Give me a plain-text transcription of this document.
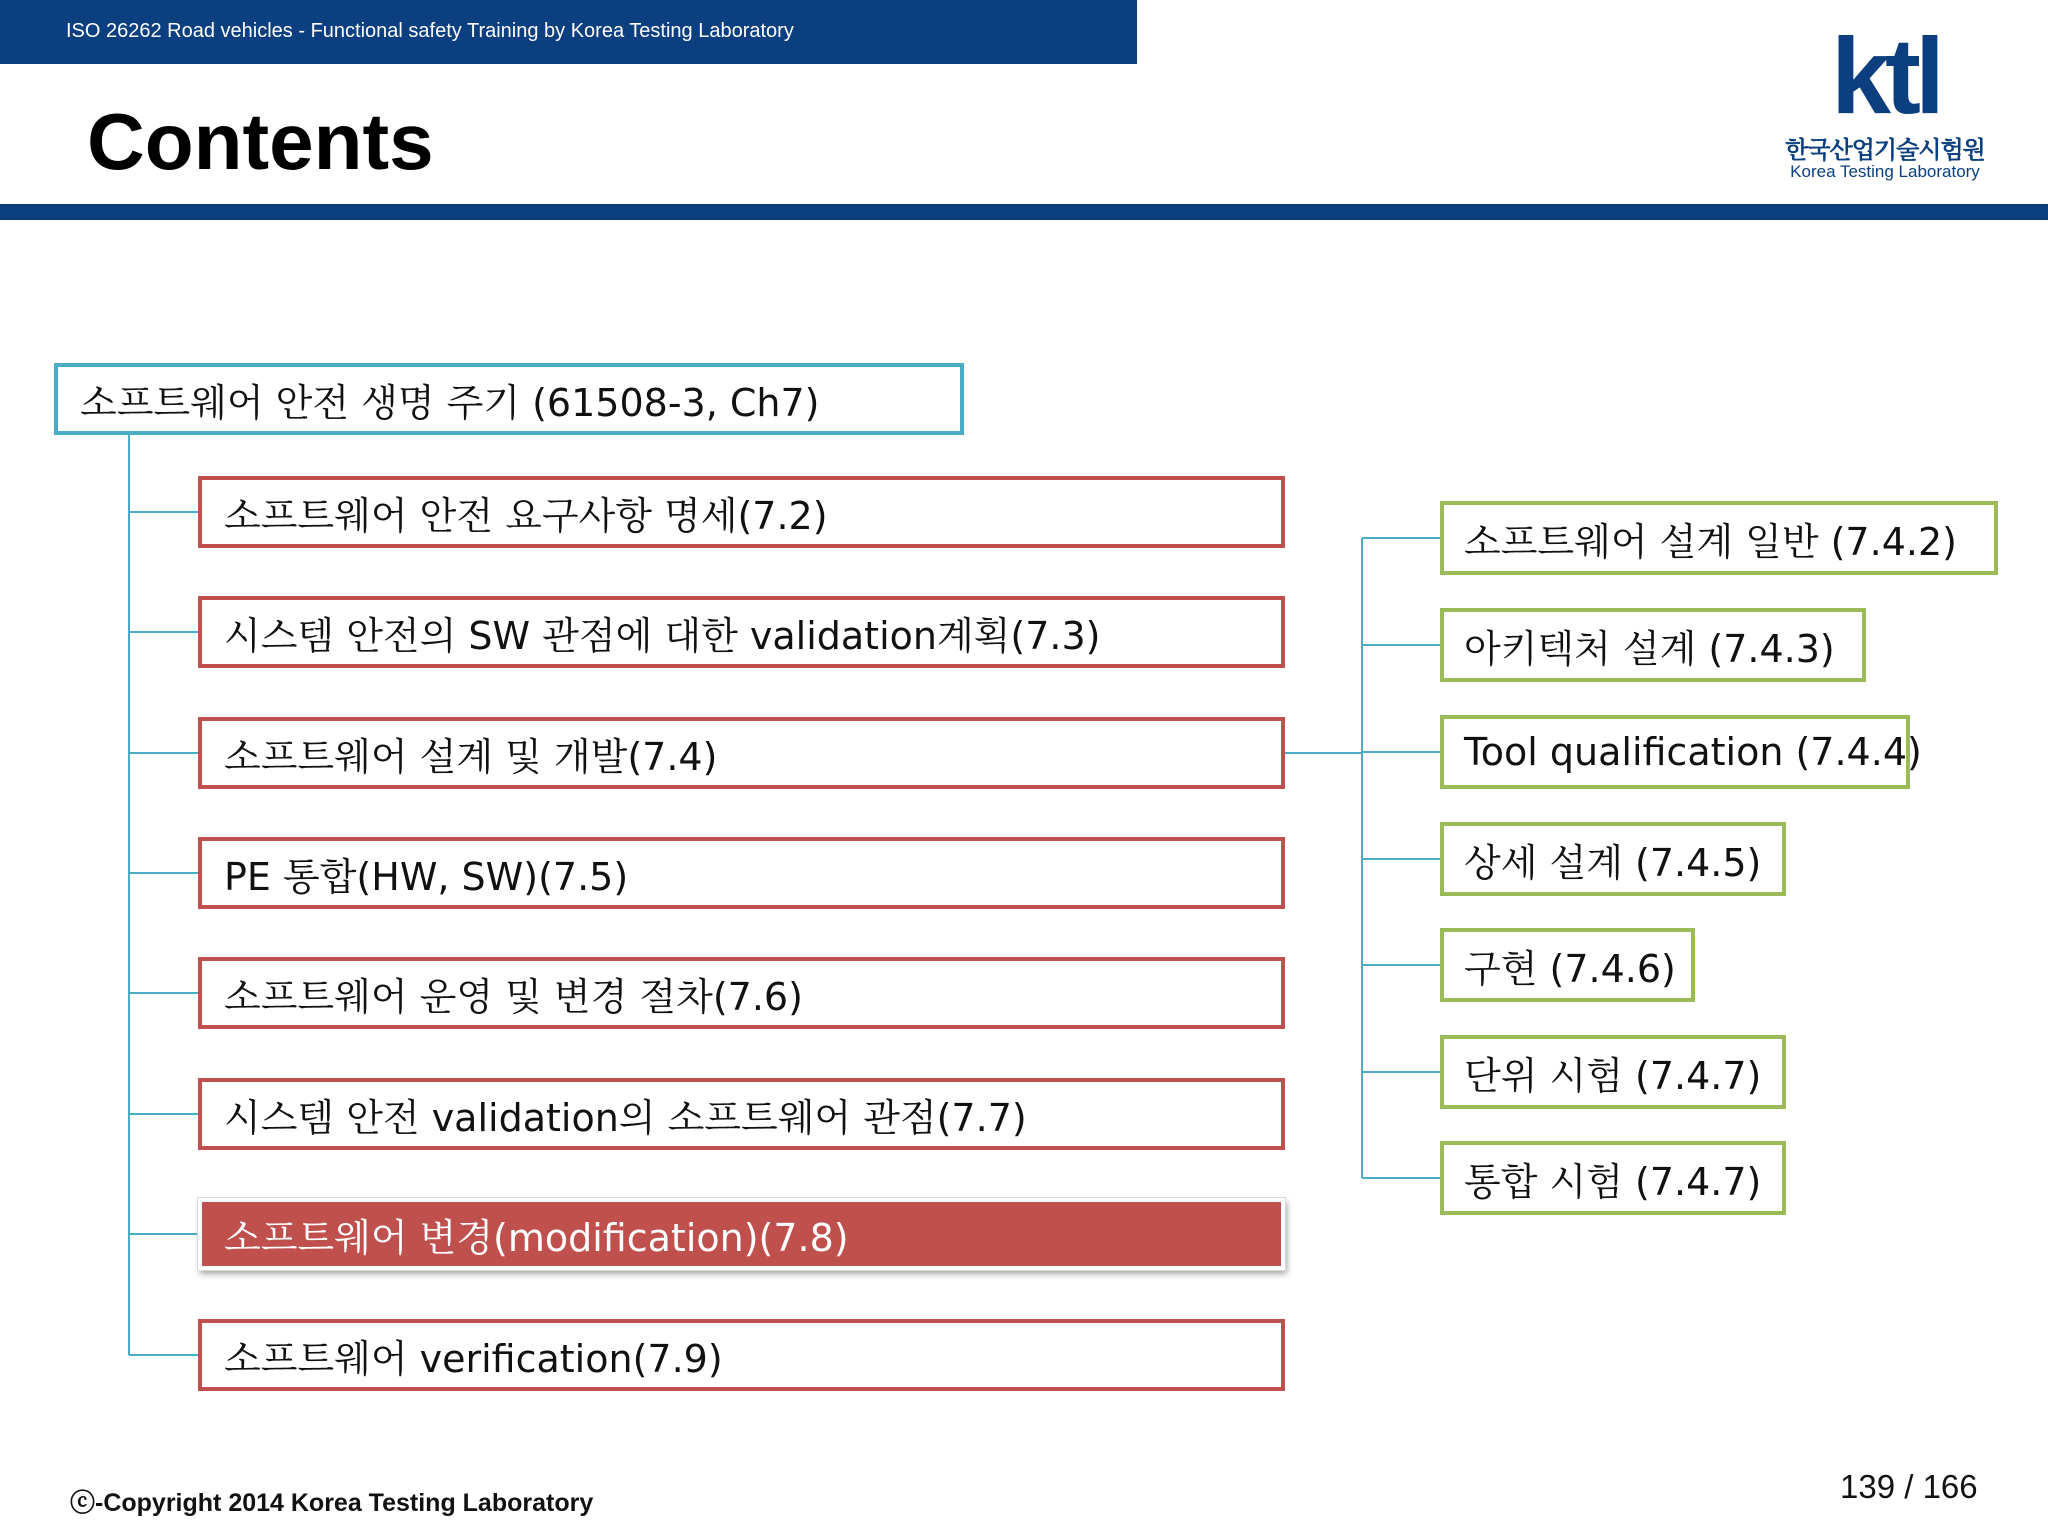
ISO 26262 Road vehicles - Functional safety Training by Korea Testing Laboratory
Contents
ktl
한국산업기술시험원
Korea Testing Laboratory
소프트웨어 안전 생명 주기 (61508-3, Ch7)
소프트웨어 안전 요구사항 명세(7.2)
시스템 안전의 SW 관점에 대한 validation계획(7.3)
소프트웨어 설계 및 개발(7.4)
PE 통합(HW, SW)(7.5)
소프트웨어 운영 및 변경 절차(7.6)
시스템 안전 validation의 소프트웨어 관점(7.7)
소프트웨어 변경(modification)(7.8)
소프트웨어 verification(7.9)
소프트웨어 설계 일반 (7.4.2)
아키텍처 설계 (7.4.3)
Tool qualification (7.4.4)
상세 설계 (7.4.5)
구현 (7.4.6)
단위 시험 (7.4.7)
통합 시험 (7.4.7)
ⓒ-Copyright 2014 Korea Testing Laboratory	139 / 166
